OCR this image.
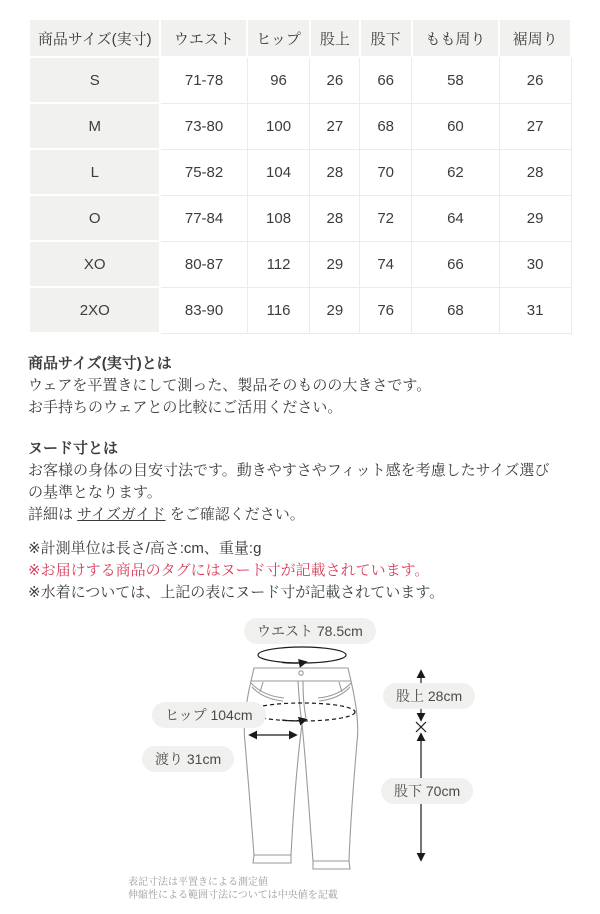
商品サイズ(実寸)	ウエスト	ヒップ	股上	股下	もも周り	裾周り
S	71-78	96	26	66	58	26
M	73-80	100	27	68	60	27
L	75-82	104	28	70	62	28
O	77-84	108	28	72	64	29
XO	80-87	112	29	74	66	30
2XO	83-90	116	29	76	68	31
商品サイズ(実寸)とは
ウェアを平置きにして測った、製品そのものの大きさです。
お手持ちのウェアとの比較にご活用ください。
ヌード寸とは
お客様の身体の目安寸法です。動きやすさやフィット感を考慮したサイズ選び
の基準となります。
詳細は サイズガイド をご確認ください。
※計測単位は長さ/高さ:cm、重量:g
※お届けする商品のタグにはヌード寸が記載されています。
※水着については、上記の表にヌード寸が記載されています。
ウエスト 78.5cm
ヒップ 104cm
渡り 31cm
股上 28cm
股下 70cm
表記寸法は平置きによる測定値
伸縮性による範囲寸法については中央値を記載
